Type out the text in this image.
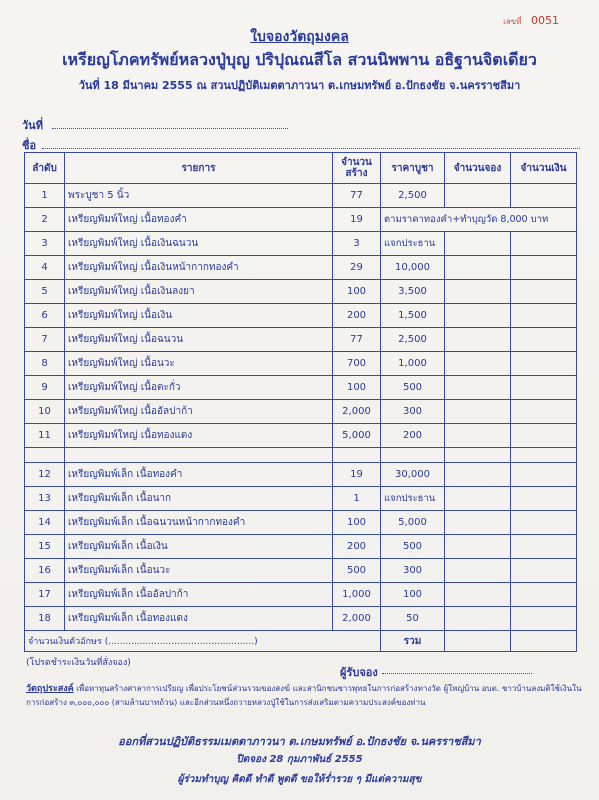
เลขที่ 0051
ใบจองวัตถุมงคล
เหรียญโภคทรัพย์หลวงปู่บุญ ปริปุณณสีโล สวนนิพพาน อธิฐานจิตเดียว
วันที่ 18 มีนาคม 2555 ณ สวนปฏิบัติเมตตาภาวนา ต.เกษมทรัพย์ อ.ปักธงชัย จ.นครราชสีมา
วันที่
ชื่อ
ลำดับ	รายการ	จำนวนสร้าง	ราคาบูชา	จำนวนจอง	จำนวนเงิน
1	พระบูชา 5 นิ้ว	77	2,500		
2	เหรียญพิมพ์ใหญ่ เนื้อทองคำ	19	ตามราคาทองคำ+ทำบุญวัด 8,000 บาท		
3	เหรียญพิมพ์ใหญ่ เนื้อเงินฉนวน	3	แจกประธาน		
4	เหรียญพิมพ์ใหญ่ เนื้อเงินหน้ากากทองคำ	29	10,000		
5	เหรียญพิมพ์ใหญ่ เนื้อเงินลงยา	100	3,500		
6	เหรียญพิมพ์ใหญ่ เนื้อเงิน	200	1,500		
7	เหรียญพิมพ์ใหญ่ เนื้อฉนวน	77	2,500		
8	เหรียญพิมพ์ใหญ่ เนื้อนวะ	700	1,000		
9	เหรียญพิมพ์ใหญ่ เนื้อตะกั่ว	100	500		
10	เหรียญพิมพ์ใหญ่ เนื้ออัลปาก้า	2,000	300		
11	เหรียญพิมพ์ใหญ่ เนื้อทองแดง	5,000	200		

12	เหรียญพิมพ์เล็ก เนื้อทองคำ	19	30,000		
13	เหรียญพิมพ์เล็ก เนื้อนาก	1	แจกประธาน		
14	เหรียญพิมพ์เล็ก เนื้อฉนวนหน้ากากทองคำ	100	5,000		
15	เหรียญพิมพ์เล็ก เนื้อเงิน	200	500		
16	เหรียญพิมพ์เล็ก เนื้อนวะ	500	300		
17	เหรียญพิมพ์เล็ก เนื้ออัลปาก้า	1,000	100		
18	เหรียญพิมพ์เล็ก เนื้อทองแดง	2,000	50		
จำนวนเงินตัวอักษร (...................................................)			รวม		
(โปรดชำระเงินวันที่สั่งจอง)
ผู้รับจอง
วัตถุประสงค์ เพื่อหาทุนสร้างศาลาการเปรียญ เพื่อประโยชน์ส่วนรวมของสงฆ์ และสานิกชนชาวพุทธในการก่อสร้างทางวัด ผู้ใหญ่บ้าน อบต. ชาวบ้านลงมติใช้เงินในการก่อสร้าง ๓,๐๐๐,๐๐๐ (สามล้านบาทถ้วน) และอีกส่วนหนึ่งถวายหลวงปู่ใช้ในการส่งเสริมตามความประสงค์ของท่าน
ออกที่สวนปฏิบัติธรรมเมตตาภาวนา ต.เกษมทรัพย์ อ.ปักธงชัย จ.นครราชสีมา
ปิดจอง 28 กุมภาพันธ์ 2555
ผู้ร่วมทำบุญ คิดดี ทำดี พูดดี ขอให้ร่ำรวย ๆ มีแต่ความสุข
